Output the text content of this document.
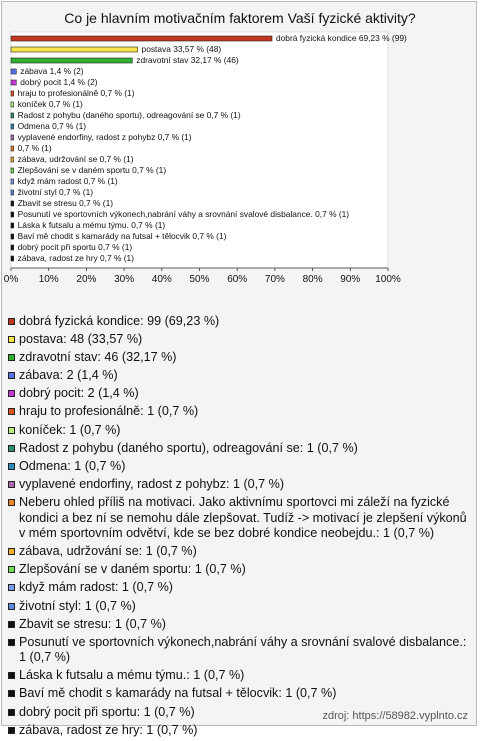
Co je hlavním motivačním faktorem Vaší fyzické aktivity?
dobrá fyzická kondice 69,23 % (99)
postava 33,57 % (48)
zdravotní stav 32,17 % (46)
zábava 1,4 % (2)
dobrý pocit 1,4 % (2)
hraju to profesionálně 0,7 % (1)
koníček 0,7 % (1)
Radost z pohybu (daného sportu), odreagování se 0,7 % (1)
Odmena 0,7 % (1)
vyplavené endorfiny, radost z pohybz 0,7 % (1)
0,7 % (1)
zábava, udržování se 0,7 % (1)
Zlepšování se v daném sportu 0,7 % (1)
když mám radost 0,7 % (1)
životní styl 0,7 % (1)
Zbavit se stresu 0,7 % (1)
Posunutí ve sportovních výkonech,nabrání váhy a srovnání svalové disbalance. 0,7 % (1)
Láska k futsalu a mému týmu. 0,7 % (1)
Baví mě chodit s kamarády na futsal + tělocvik 0,7 % (1)
dobrý pocit při sportu 0,7 % (1)
zábava, radost ze hry 0,7 % (1)
0% 10% 20% 30% 40% 50% 60% 70% 80% 90% 100%
dobrá fyzická kondice: 99 (69,23 %)
postava: 48 (33,57 %)
zdravotní stav: 46 (32,17 %)
zábava: 2 (1,4 %)
dobrý pocit: 2 (1,4 %)
hraju to profesionálně: 1 (0,7 %)
koníček: 1 (0,7 %)
Radost z pohybu (daného sportu), odreagování se: 1 (0,7 %)
Odmena: 1 (0,7 %)
vyplavené endorfiny, radost z pohybz: 1 (0,7 %)
Neberu ohled příliš na motivaci. Jako aktivnímu sportovci mi záleží na fyzické kondici a bez ní se nemohu dále zlepšovat. Tudíž -> motivací je zlepšení výkonů v mém sportovním odvětví, kde se bez dobré kondice neobejdu.: 1 (0,7 %)
zábava, udržování se: 1 (0,7 %)
Zlepšování se v daném sportu: 1 (0,7 %)
když mám radost: 1 (0,7 %)
životní styl: 1 (0,7 %)
Zbavit se stresu: 1 (0,7 %)
Posunutí ve sportovních výkonech,nabrání váhy a srovnání svalové disbalance.: 1 (0,7 %)
Láska k futsalu a mému týmu.: 1 (0,7 %)
Baví mě chodit s kamarády na futsal + tělocvik: 1 (0,7 %)
dobrý pocit při sportu: 1 (0,7 %)
zábava, radost ze hry: 1 (0,7 %)
zdroj: https://58982.vyplnto.cz
